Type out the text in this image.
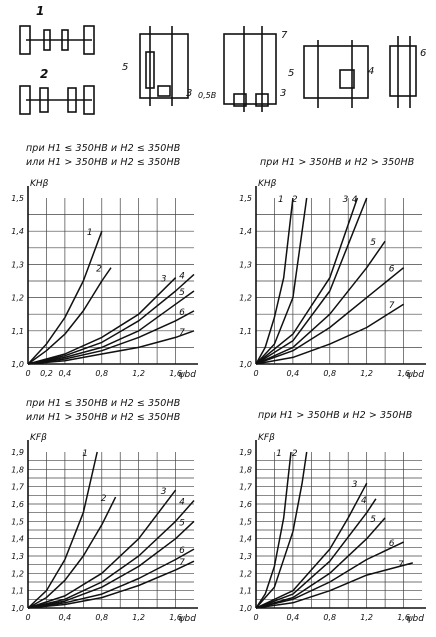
1
2	5
3
7
0,5B	3
5	4
6
при H1 ≤ 350НВ и H2 ≤ 350НВ
или H1 > 350НВ и H2 ≤ 350НВ	при H1 > 350НВ и H2 > 350НВ
при H1 ≤ 350НВ и H2 ≤ 350НВ
или H1 > 350НВ и H2 ≤ 350НВ	при H1 > 350НВ и H2 > 350НВ
1,0
1,1
1,2
1,3
1,4
1,5
0 0,2 0,4	0,8	1,2	1,6
KHβ
ψbd
1
2
3 4
5
6
7
1,0
1,1
1,2
1,3
1,4
1,5
0	0,4	0,8	1,2	1,6
KHβ
ψbd
1 2	3 4
5
6
7
1,0
1,1
1,2
1,3
1,4
1,5
1,6
1,7
1,8
1,9
0	0,4	0,8	1,2	1,6
KFβ
ψbd
1
2
3
4
5
6
7
1,0
1,1
1,2
1,3
1,4
1,5
1,6
1,7
1,8
1,9
0	0,4	0,8	1,2	1,6
KFβ
ψbd
1 2
3
4
5
6
7
